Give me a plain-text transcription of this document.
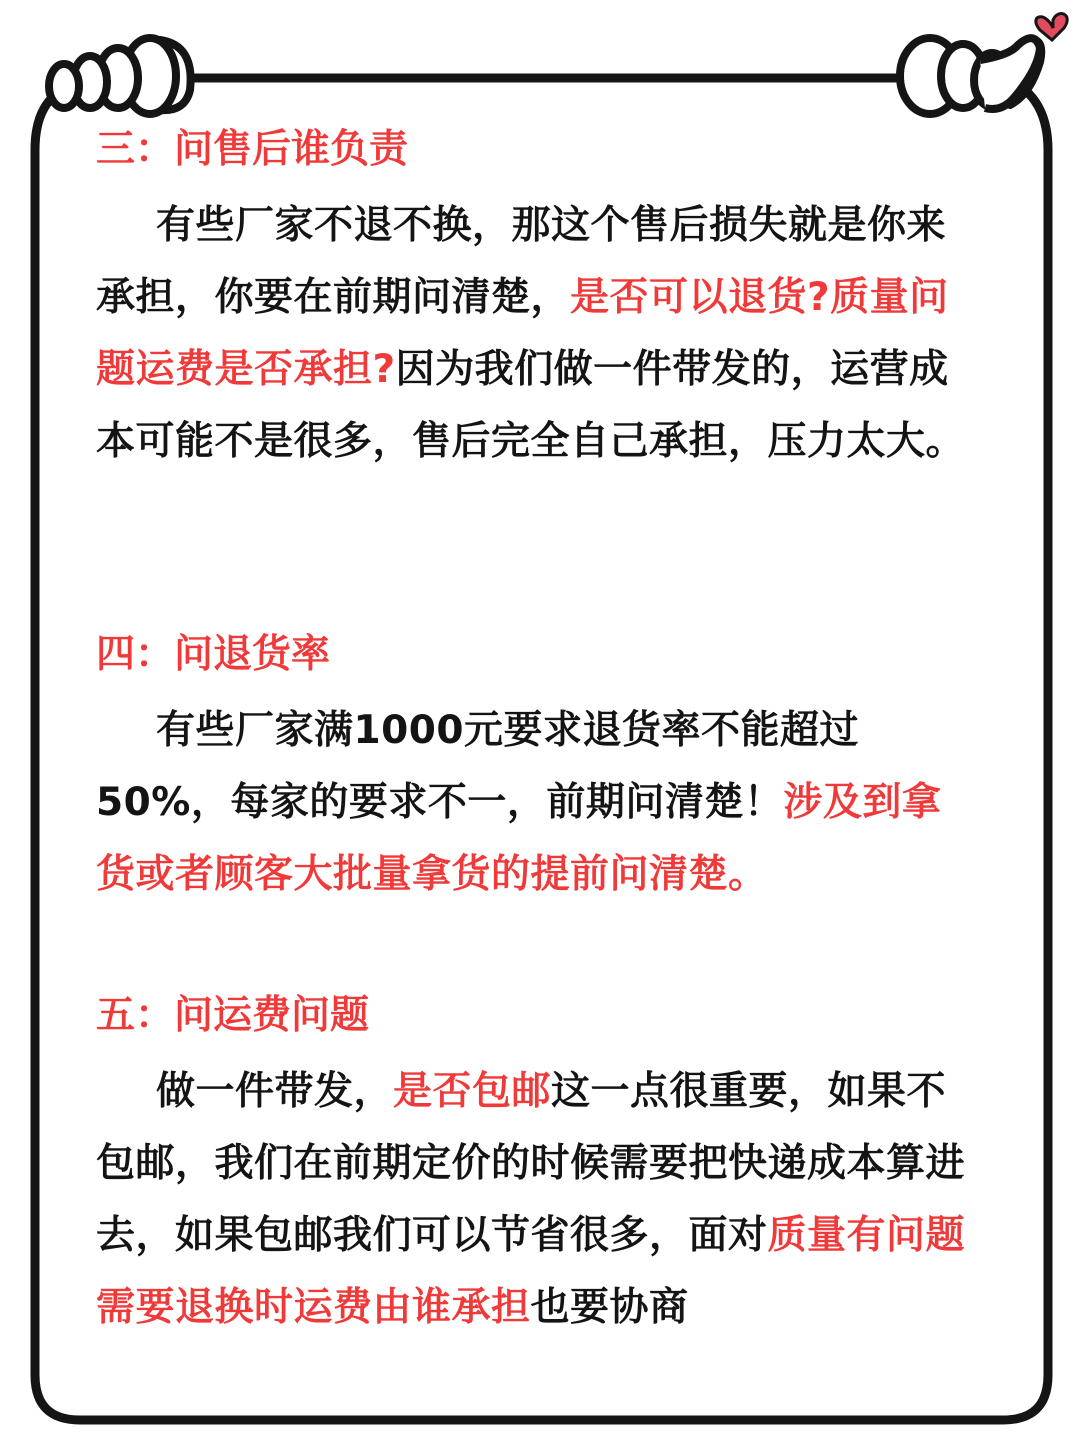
三：问售后谁负责

有些厂家不退不换，那这个售后损失就是你来承担，你要在前期问清楚，是否可以退货?质量问题运费是否承担?因为我们做一件带发的，运营成本可能不是很多，售后完全自己承担，压力太大。

四：问退货率

有些厂家满1000元要求退货率不能超过50%，每家的要求不一，前期问清楚！涉及到拿货或者顾客大批量拿货的提前问清楚。

五：问运费问题

做一件带发，是否包邮这一点很重要，如果不包邮，我们在前期定价的时候需要把快递成本算进去，如果包邮我们可以节省很多，面对质量有问题需要退换时运费由谁承担也要协商
